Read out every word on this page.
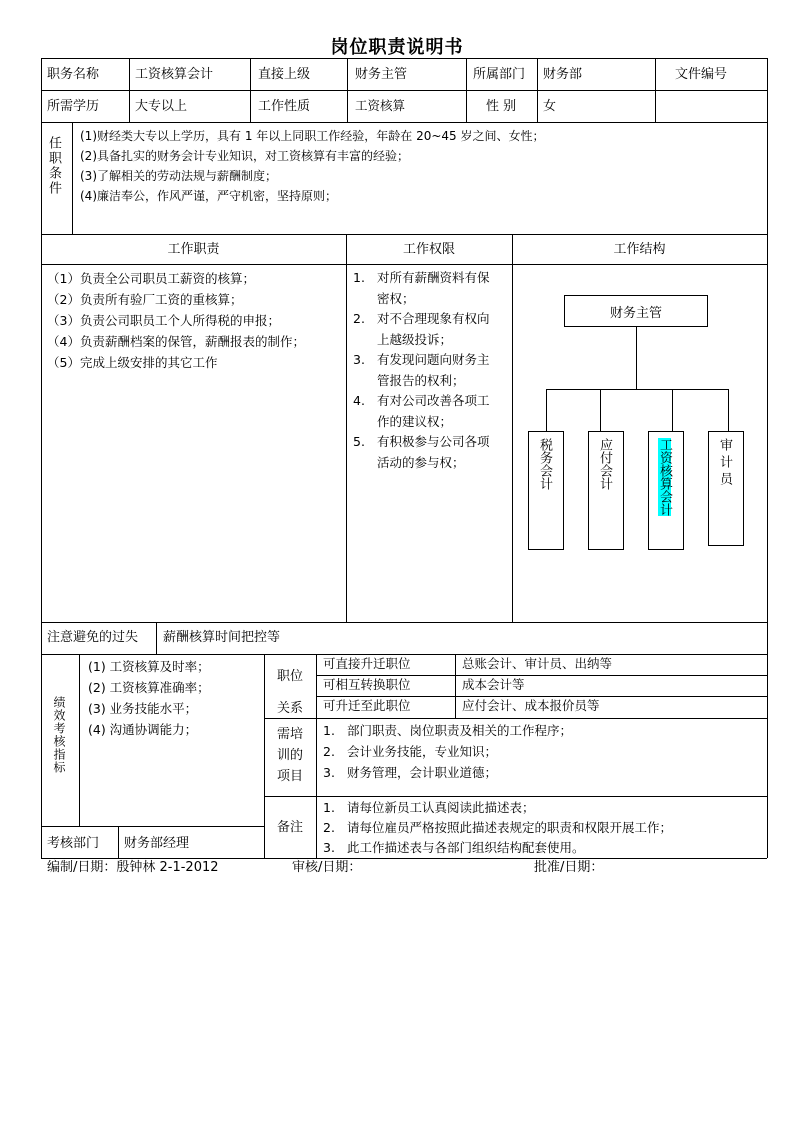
岗位职责说明书
职务名称	工资核算会计	直接上级	财务主管	所属部门 财务部	文件编号
所需学历	大专以上	工作性质	工资核算	性 别 女
任职条件 (1)财经类大专以上学历，具有 1 年以上同职工作经验，年龄在 20~45 岁之间、女性；
(2)具备扎实的财务会计专业知识，对工资核算有丰富的经验；
(3)了解相关的劳动法规与薪酬制度；
(4)廉洁奉公，作风严谨，严守机密，坚持原则；
工作职责	工作权限	工作结构
（1）负责全公司职员工薪资的核算；
（2）负责所有验厂工资的重核算；
（3）负责公司职员工个人所得税的申报；
（4）负责薪酬档案的保管，薪酬报表的制作；
（5）完成上级安排的其它工作
1. 对所有薪酬资料有保
密权；
2. 对不合理现象有权向
上越级投诉；
3. 有发现问题向财务主
管报告的权利；
4. 有对公司改善各项工
作的建议权；
5. 有积极参与公司各项
活动的参与权；
财务主管
税务会计	应付会计	工资核算会计	审计员
注意避免的过失 薪酬核算时间把控等
绩效考核指标
(1) 工资核算及时率；
(2) 工资核算准确率；
(3) 业务技能水平；
(4) 沟通协调能力；
职位关系
可直接升迁职位	总账会计、审计员、出纳等
可相互转换职位	成本会计等
可升迁至此职位	应付会计、成本报价员等
需培训的项目
1. 部门职责、岗位职责及相关的工作程序；
2. 会计业务技能，专业知识；
3. 财务管理，会计职业道德；
备注
1. 请每位新员工认真阅读此描述表；
2. 请每位雇员严格按照此描述表规定的职责和权限开展工作；
3. 此工作描述表与各部门组织结构配套使用。
考核部门 财务部经理
编制/日期：殷钟林 2-1-2012	审核/日期：	批准/日期：
